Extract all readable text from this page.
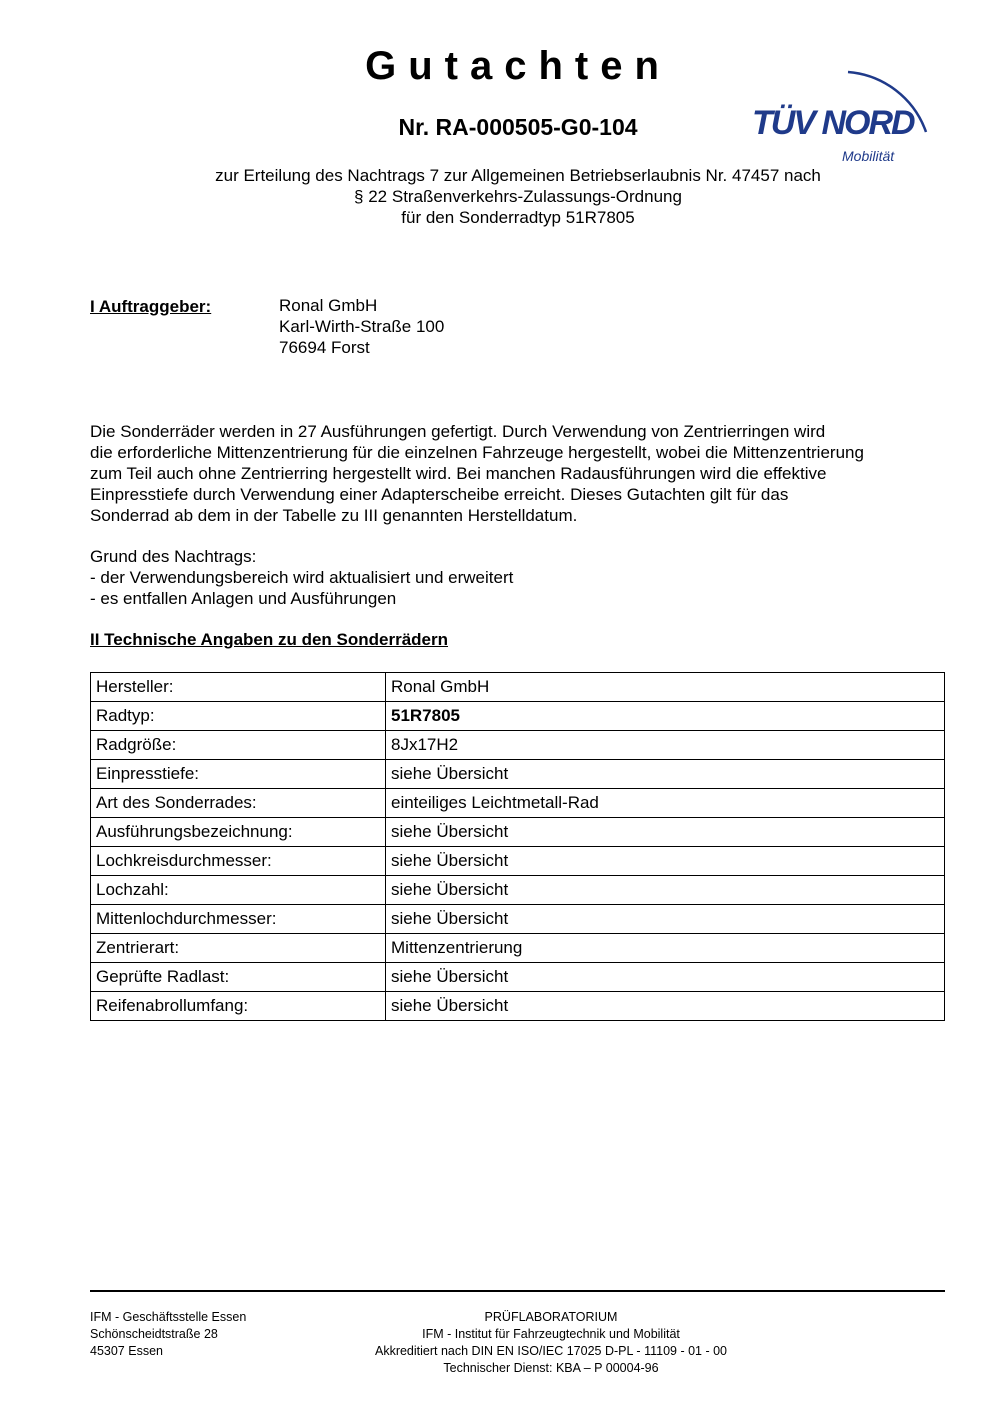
Gutachten
Nr. RA-000505-G0-104	TÜV NORD
Mobilität
zur Erteilung des Nachtrags 7 zur Allgemeinen Betriebserlaubnis Nr. 47457 nach
§ 22 Straßenverkehrs-Zulassungs-Ordnung
für den Sonderradtyp 51R7805
I Auftraggeber:	Ronal GmbH
Karl-Wirth-Straße 100
76694 Forst
Die Sonderräder werden in 27 Ausführungen gefertigt. Durch Verwendung von Zentrierringen wird
die erforderliche Mittenzentrierung für die einzelnen Fahrzeuge hergestellt, wobei die Mittenzentrierung
zum Teil auch ohne Zentrierring hergestellt wird. Bei manchen Radausführungen wird die effektive
Einpresstiefe durch Verwendung einer Adapterscheibe erreicht. Dieses Gutachten gilt für das
Sonderrad ab dem in der Tabelle zu III genannten Herstelldatum.
Grund des Nachtrags:
- der Verwendungsbereich wird aktualisiert und erweitert
- es entfallen Anlagen und Ausführungen
II Technische Angaben zu den Sonderrädern
Hersteller:	Ronal GmbH
Radtyp:	51R7805
Radgröße:	8Jx17H2
Einpresstiefe:	siehe Übersicht
Art des Sonderrades:	einteiliges Leichtmetall-Rad
Ausführungsbezeichnung:	siehe Übersicht
Lochkreisdurchmesser:	siehe Übersicht
Lochzahl:	siehe Übersicht
Mittenlochdurchmesser:	siehe Übersicht
Zentrierart:	Mittenzentrierung
Geprüfte Radlast:	siehe Übersicht
Reifenabrollumfang:	siehe Übersicht
IFM - Geschäftsstelle Essen
Schönscheidtstraße 28
45307 Essen
PRÜFLABORATORIUM
IFM - Institut für Fahrzeugtechnik und Mobilität
Akkreditiert nach DIN EN ISO/IEC 17025 D-PL - 11109 - 01 - 00
Technischer Dienst: KBA – P 00004-96
